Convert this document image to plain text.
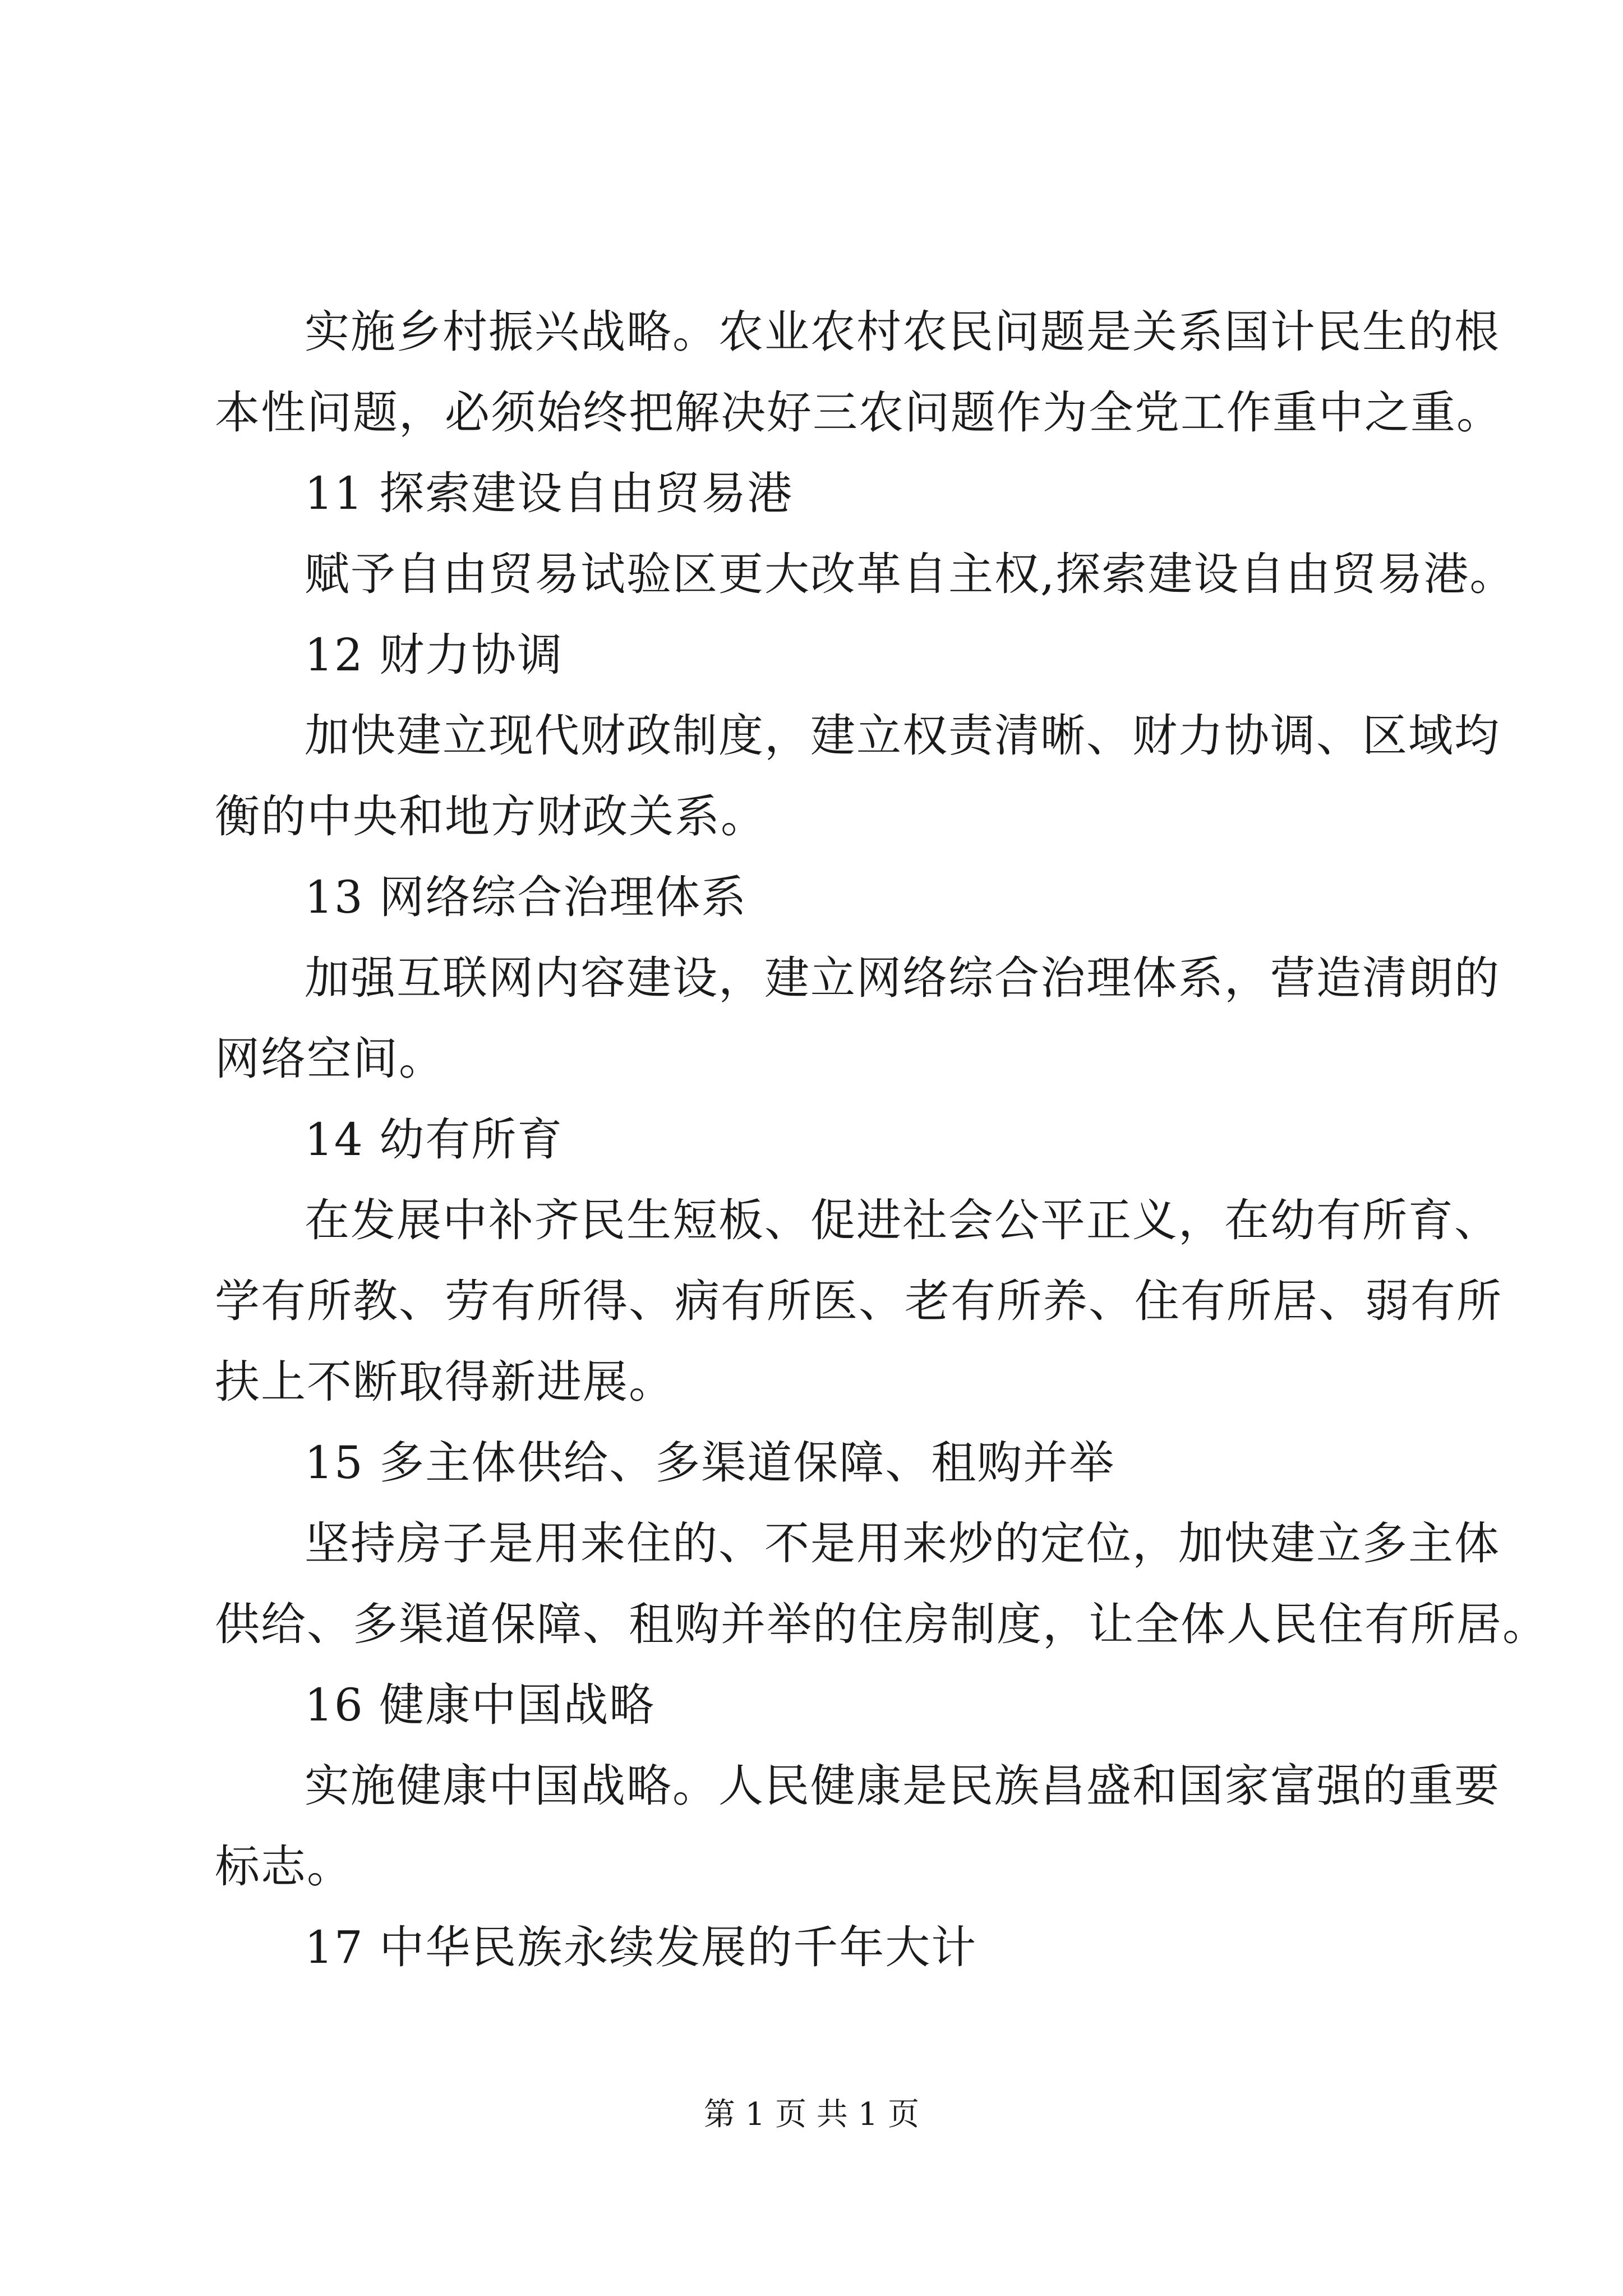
实施乡村振兴战略。农业农村农民问题是关系国计民生的根
本性问题，必须始终把解决好三农问题作为全党工作重中之重。
11 探索建设自由贸易港
赋予自由贸易试验区更大改革自主权,探索建设自由贸易港。
12 财力协调
加快建立现代财政制度，建立权责清晰、财力协调、区域均
衡的中央和地方财政关系。
13 网络综合治理体系
加强互联网内容建设，建立网络综合治理体系，营造清朗的
网络空间。
14 幼有所育
在发展中补齐民生短板、促进社会公平正义，在幼有所育、
学有所教、劳有所得、病有所医、老有所养、住有所居、弱有所
扶上不断取得新进展。
15 多主体供给、多渠道保障、租购并举
坚持房子是用来住的、不是用来炒的定位，加快建立多主体
供给、多渠道保障、租购并举的住房制度，让全体人民住有所居。
16 健康中国战略
实施健康中国战略。人民健康是民族昌盛和国家富强的重要
标志。
17 中华民族永续发展的千年大计
第 1 页 共 1 页
